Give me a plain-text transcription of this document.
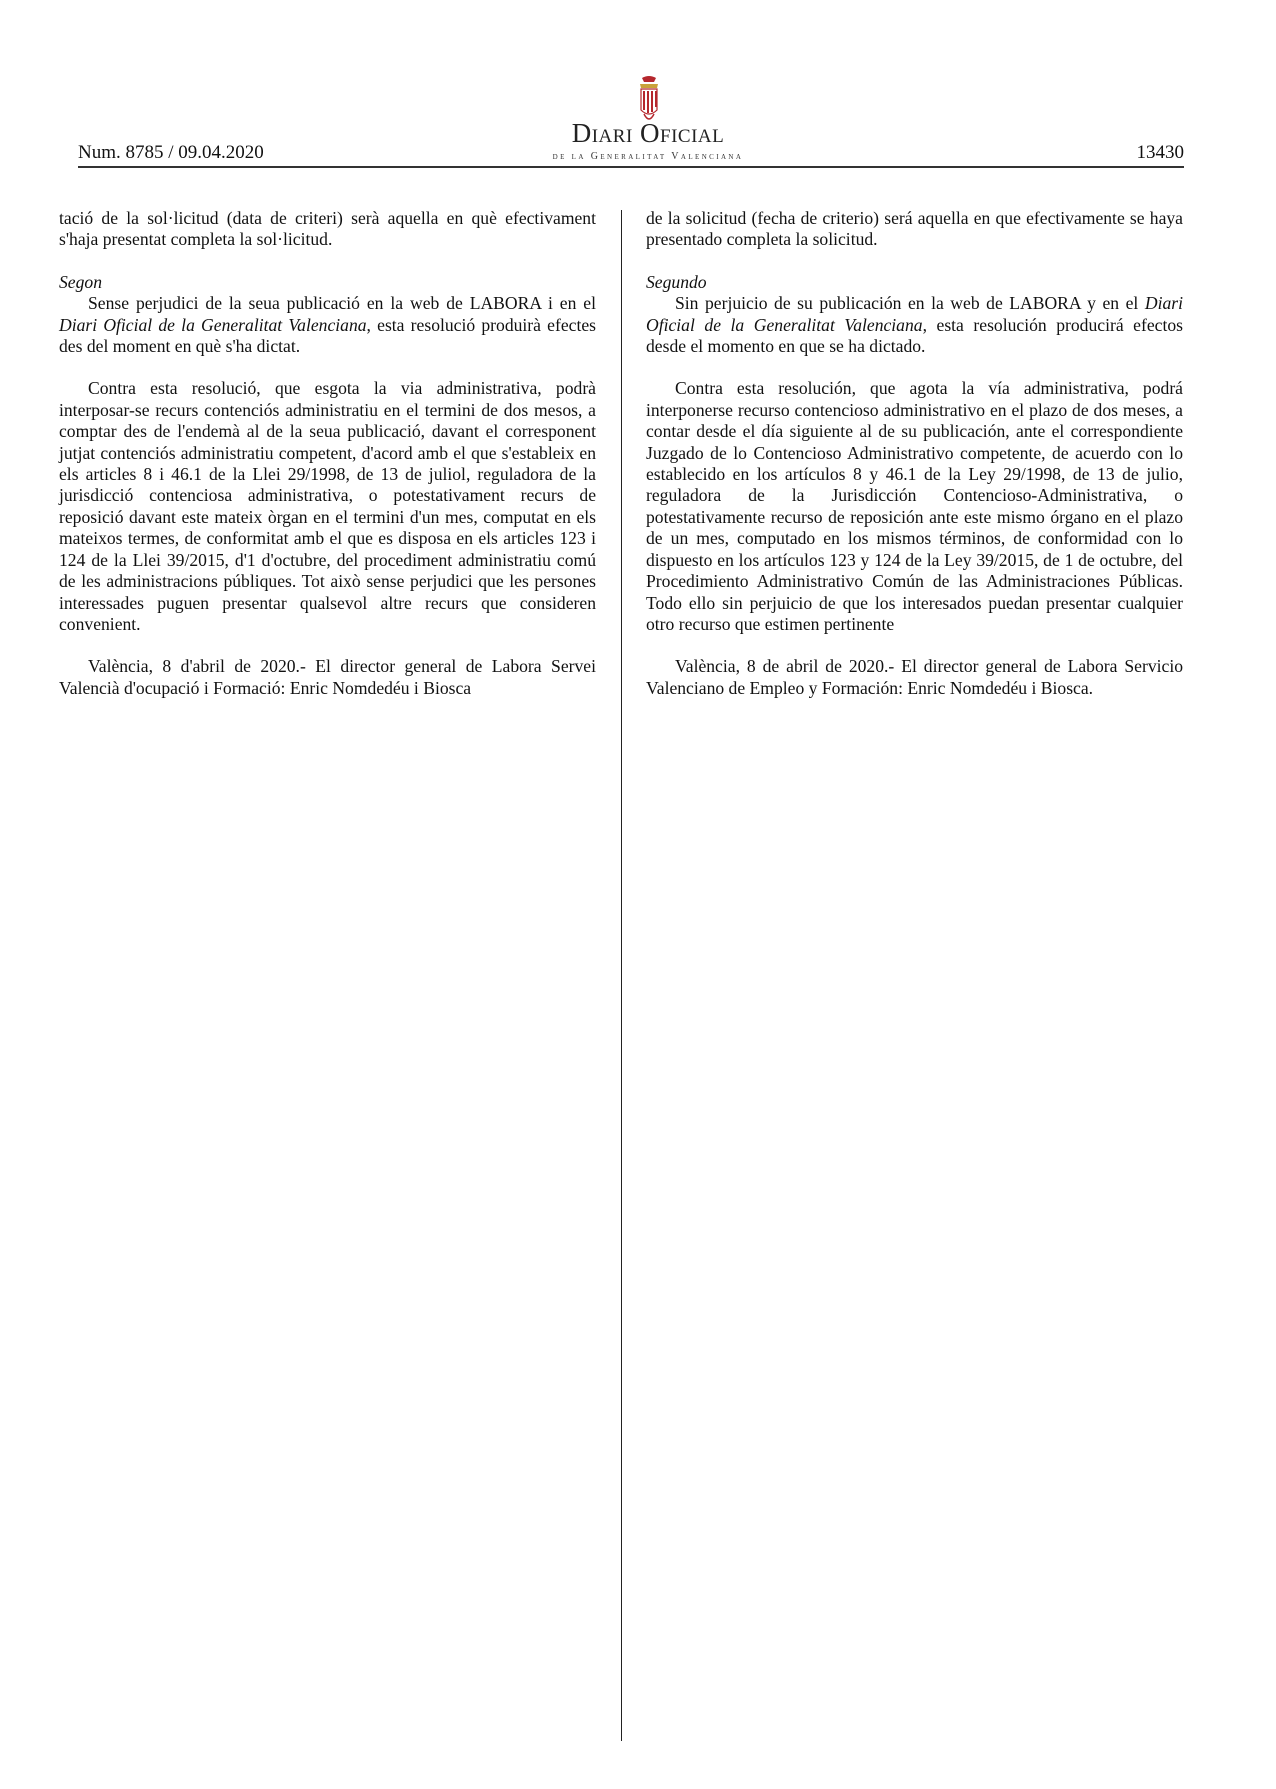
Num. 8785 / 09.04.2020
Diari Oficial
de la Generalitat Valenciana	13430

tació de la sol·licitud (data de criteri) serà aquella en què efectivament s'haja presentat completa la sol·licitud.

Segon

Sense perjudici de la seua publicació en la web de LABORA i en el Diari Oficial de la Generalitat Valenciana, esta resolució produirà efectes des del moment en què s'ha dictat.

Contra esta resolució, que esgota la via administrativa, podrà interposar-se recurs contenciós administratiu en el termini de dos mesos, a comptar des de l'endemà al de la seua publicació, davant el corresponent jutjat contenciós administratiu competent, d'acord amb el que s'estableix en els articles 8 i 46.1 de la Llei 29/1998, de 13 de juliol, reguladora de la jurisdicció contenciosa administrativa, o potestativament recurs de reposició davant este mateix òrgan en el termini d'un mes, computat en els mateixos termes, de conformitat amb el que es disposa en els articles 123 i 124 de la Llei 39/2015, d'1 d'octubre, del procediment administratiu comú de les administracions públiques. Tot això sense perjudici que les persones interessades puguen presentar qualsevol altre recurs que consideren convenient.

València, 8 d'abril de 2020.- El director general de Labora Servei Valencià d'ocupació i Formació: Enric Nomdedéu i Biosca

de la solicitud (fecha de criterio) será aquella en que efectivamente se haya presentado completa la solicitud.

Segundo

Sin perjuicio de su publicación en la web de LABORA y en el Diari Oficial de la Generalitat Valenciana, esta resolución producirá efectos desde el momento en que se ha dictado.

Contra esta resolución, que agota la vía administrativa, podrá interponerse recurso contencioso administrativo en el plazo de dos meses, a contar desde el día siguiente al de su publicación, ante el correspondiente Juzgado de lo Contencioso Administrativo competente, de acuerdo con lo establecido en los artículos 8 y 46.1 de la Ley 29/1998, de 13 de julio, reguladora de la Jurisdicción Contencioso-Administrativa, o potestativamente recurso de reposición ante este mismo órgano en el plazo de un mes, computado en los mismos términos, de conformidad con lo dispuesto en los artículos 123 y 124 de la Ley 39/2015, de 1 de octubre, del Procedimiento Administrativo Común de las Administraciones Públicas. Todo ello sin perjuicio de que los interesados puedan presentar cualquier otro recurso que estimen pertinente

València, 8 de abril de 2020.- El director general de Labora Servicio Valenciano de Empleo y Formación: Enric Nomdedéu i Biosca.
